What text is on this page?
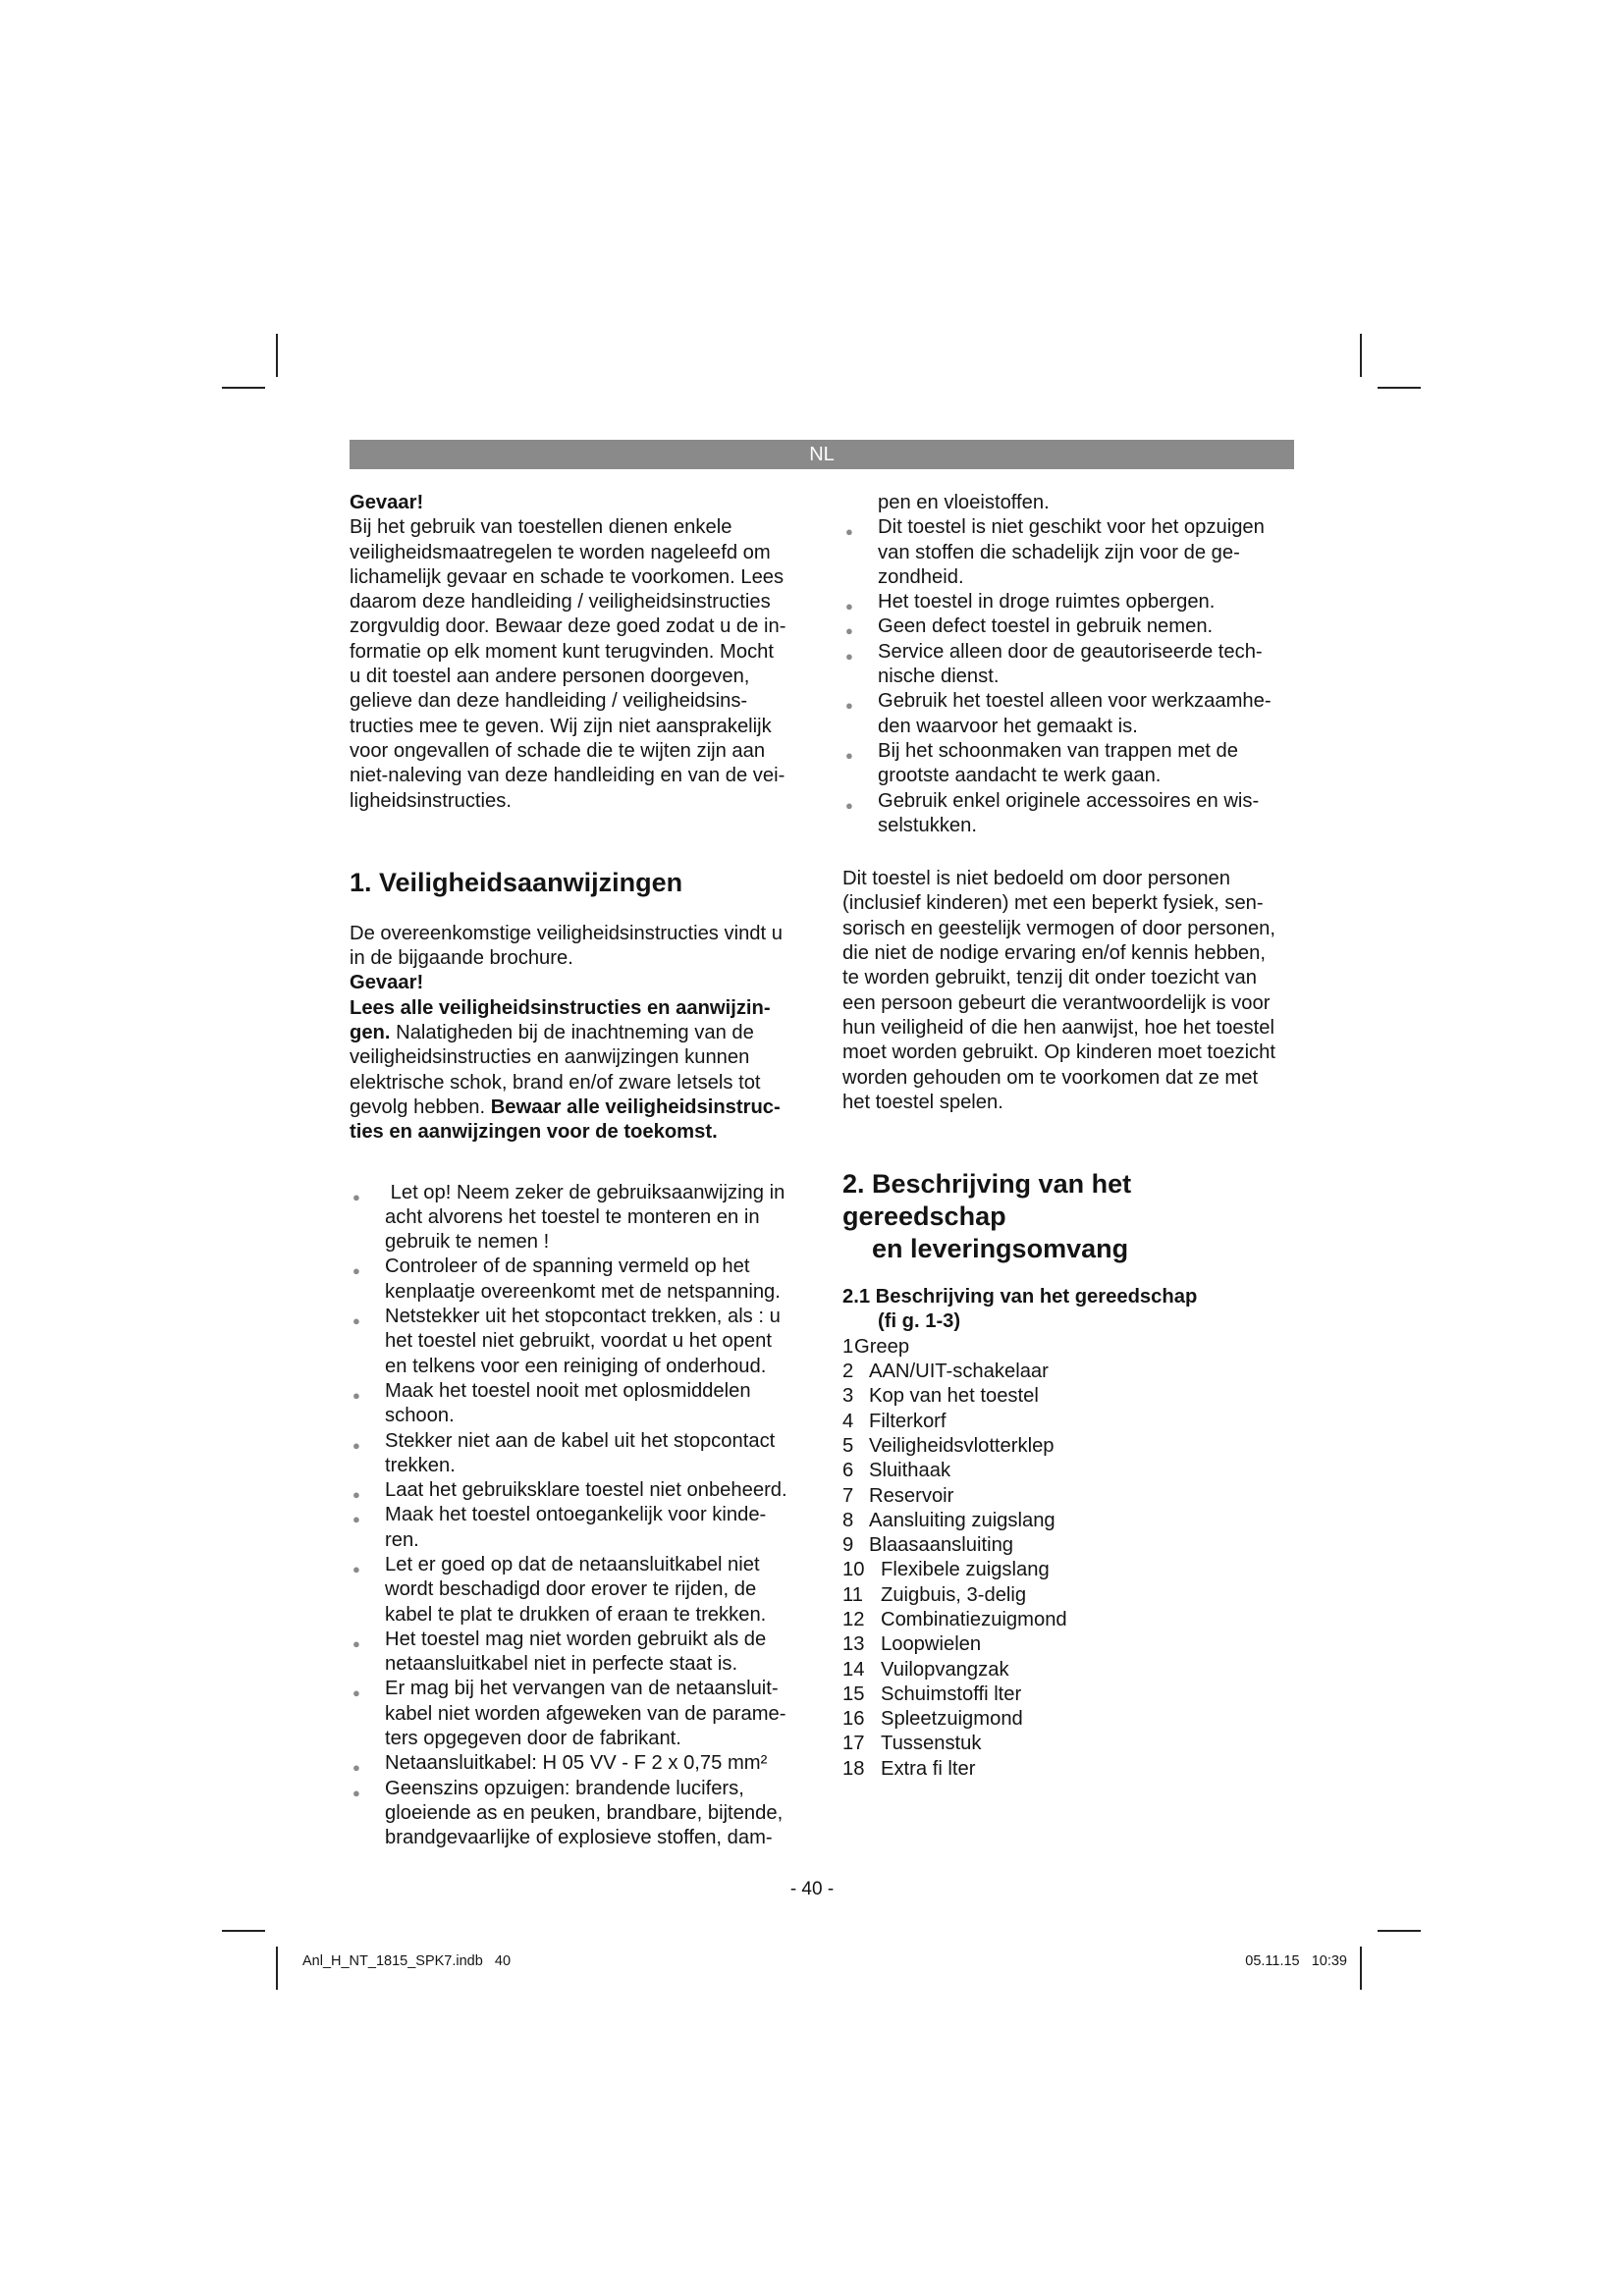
NL

Gevaar!

Bij het gebruik van toestellen dienen enkele

veiligheidsmaatregelen te worden nageleefd om

lichamelijk gevaar en schade te voorkomen. Lees

daarom deze handleiding / veiligheidsinstructies

zorgvuldig door. Bewaar deze goed zodat u de in-

formatie op elk moment kunt terugvinden. Mocht

u dit toestel aan andere personen doorgeven,

gelieve dan deze handleiding / veiligheidsins-

tructies mee te geven. Wij zijn niet aansprakelijk

voor ongevallen of schade die te wijten zijn aan

niet-naleving van deze handleiding en van de vei-

ligheidsinstructies.

1. Veiligheidsaanwijzingen

De overeenkomstige veiligheidsinstructies vindt u

in de bijgaande brochure.

Gevaar!

Lees alle veiligheidsinstructies en aanwijzin-

gen. Nalatigheden bij de inachtneming van de

veiligheidsinstructies en aanwijzingen kunnen

elektrische schok, brand en/of zware letsels tot

gevolg hebben. Bewaar alle veiligheidsinstruc-

ties en aanwijzingen voor de toekomst.

● Let op! Neem zeker de gebruiksaanwijzing in
acht alvorens het toestel te monteren en in
gebruik te nemen !
● Controleer of de spanning vermeld op het
kenplaatje overeenkomt met de netspanning.
● Netstekker uit het stopcontact trekken, als : u
het toestel niet gebruikt, voordat u het opent
en telkens voor een reiniging of onderhoud.
● Maak het toestel nooit met oplosmiddelen
schoon.
● Stekker niet aan de kabel uit het stopcontact
trekken.
● Laat het gebruiksklare toestel niet onbeheerd.
● Maak het toestel ontoegankelijk voor kinde-
ren.
● Let er goed op dat de netaansluitkabel niet
wordt beschadigd door erover te rijden, de
kabel te plat te drukken of eraan te trekken.
● Het toestel mag niet worden gebruikt als de
netaansluitkabel niet in perfecte staat is.
● Er mag bij het vervangen van de netaansluit-
kabel niet worden afgeweken van de parame-
ters opgegeven door de fabrikant.
● Netaansluitkabel: H 05 VV - F 2 x 0,75 mm²
● Geenszins opzuigen: brandende lucifers,
gloeiende as en peuken, brandbare, bijtende,
brandgevaarlijke of explosieve stoffen, dam-

pen en vloeistoffen.

● Dit toestel is niet geschikt voor het opzuigen
van stoffen die schadelijk zijn voor de ge-
zondheid.
● Het toestel in droge ruimtes opbergen.
● Geen defect toestel in gebruik nemen.
● Service alleen door de geautoriseerde tech-
nische dienst.
● Gebruik het toestel alleen voor werkzaamhe-
den waarvoor het gemaakt is.
● Bij het schoonmaken van trappen met de
grootste aandacht te werk gaan.
● Gebruik enkel originele accessoires en wis-
selstukken.

Dit toestel is niet bedoeld om door personen

(inclusief kinderen) met een beperkt fysiek, sen-

sorisch en geestelijk vermogen of door personen,

die niet de nodige ervaring en/of kennis hebben,

te worden gebruikt, tenzij dit onder toezicht van

een persoon gebeurt die verantwoordelijk is voor

hun veiligheid of die hen aanwijst, hoe het toestel

moet worden gebruikt. Op kinderen moet toezicht

worden gehouden om te voorkomen dat ze met

het toestel spelen.

2. Beschrijving van het gereedschap
en leveringsomvang

2.1 Beschrijving van het gereedschap

(fi g. 1-3)

1 Greep
2 AAN/UIT-schakelaar
3 Kop van het toestel
4 Filterkorf
5 Veiligheidsvlotterklep
6 Sluithaak
7 Reservoir
8 Aansluiting zuigslang
9 Blaasaansluiting
10 Flexibele zuigslang
11 Zuigbuis, 3-delig
12 Combinatiezuigmond
13 Loopwielen
14 Vuilopvangzak
15 Schuimstoffi lter
16 Spleetzuigmond
17 Tussenstuk
18 Extra fi lter
- 40 -
Anl_H_NT_1815_SPK7.indb   40	05.11.15   10:39
